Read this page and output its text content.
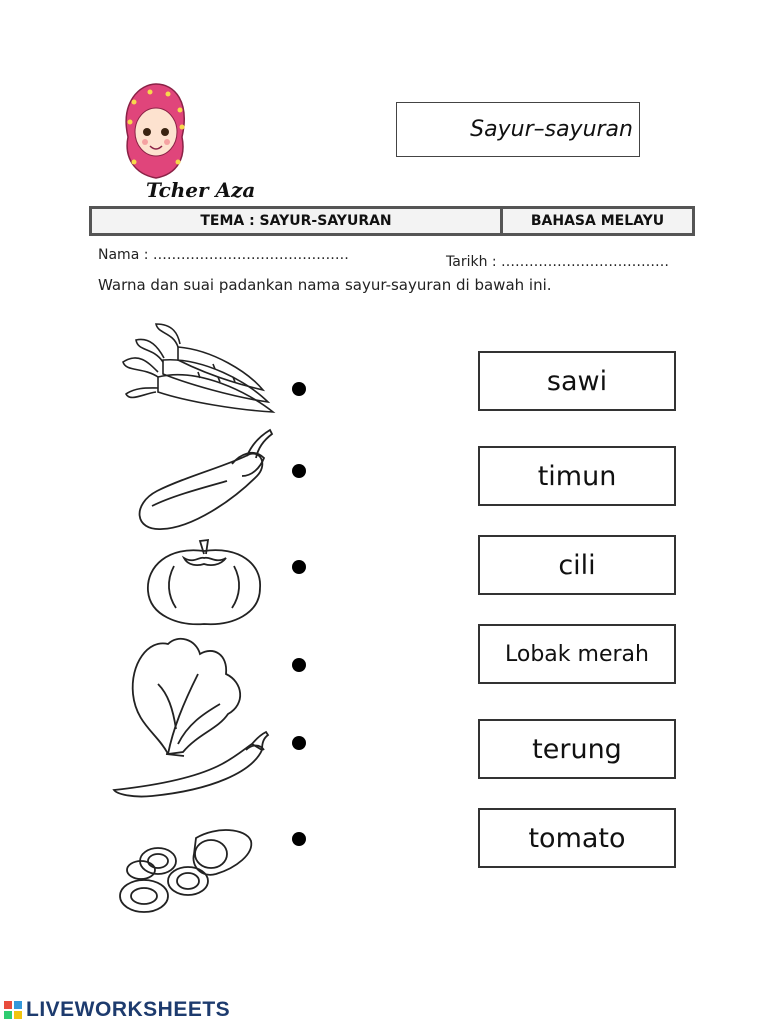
Tcher Aza
Sayur–sayuran
TEMA : SAYUR-SAYURAN	BAHASA MELAYU
Nama : ……………………………………	Tarikh : ………………………………
Warna dan suai padankan nama sayur-sayuran di bawah ini.
sawi
timun
cili
Lobak merah
terung
tomato
LIVEWORKSHEETS
